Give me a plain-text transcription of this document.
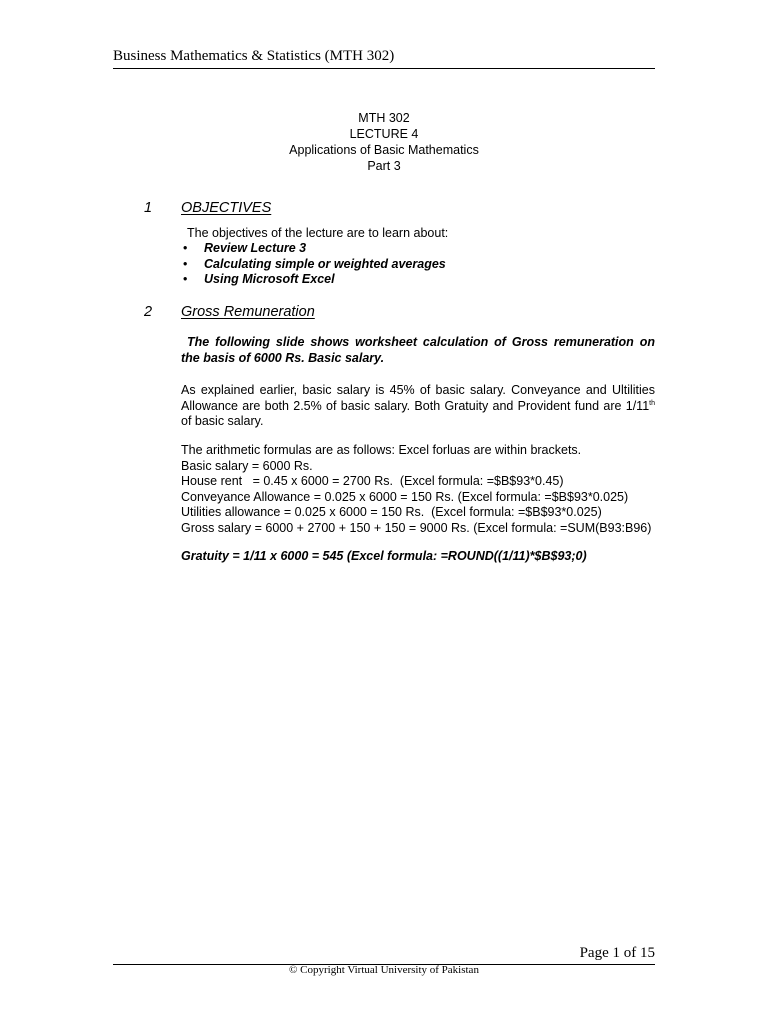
Business Mathematics & Statistics (MTH 302)
MTH 302
LECTURE 4
Applications of Basic Mathematics
Part 3
1 OBJECTIVES
The objectives of the lecture are to learn about:
• Review Lecture 3
• Calculating simple or weighted averages
• Using Microsoft Excel
2 Gross Remuneration
The following slide shows worksheet calculation of Gross remuneration on the basis of 6000 Rs. Basic salary.
As explained earlier, basic salary is 45% of basic salary. Conveyance and Ultilities Allowance are both 2.5% of basic salary. Both Gratuity and Provident fund are 1/11th of basic salary.
The arithmetic formulas are as follows: Excel forluas are within brackets.
Basic salary = 6000 Rs.
House rent   = 0.45 x 6000 = 2700 Rs.  (Excel formula: =$B$93*0.45)
Conveyance Allowance = 0.025 x 6000 = 150 Rs. (Excel formula: =$B$93*0.025)
Utilities allowance = 0.025 x 6000 = 150 Rs.  (Excel formula: =$B$93*0.025)
Gross salary = 6000 + 2700 + 150 + 150 = 9000 Rs. (Excel formula: =SUM(B93:B96)
Gratuity = 1/11 x 6000 = 545 (Excel formula: =ROUND((1/11)*$B$93;0)
Page 1 of 15
© Copyright Virtual University of Pakistan
